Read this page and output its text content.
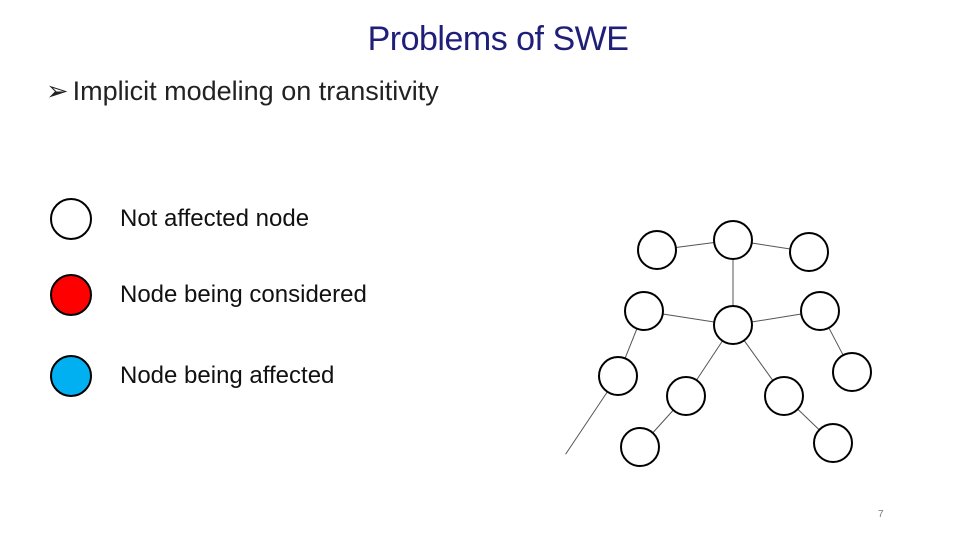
Problems of SWE
➢ Implicit modeling on transitivity
Not affected node
Node being considered
Node being affected
7
